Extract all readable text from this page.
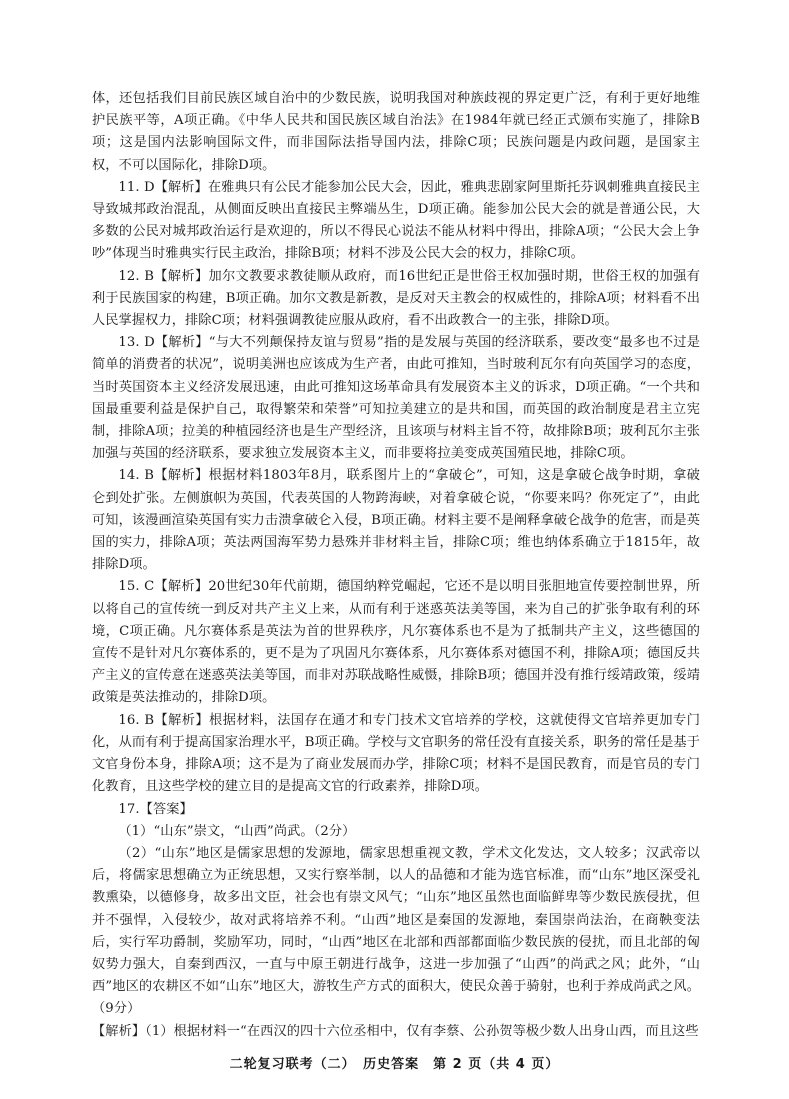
体，还包括我们目前民族区域自治中的少数民族，说明我国对种族歧视的界定更广泛，有利于更好地维护民族平等，A项正确。《中华人民共和国民族区域自治法》在1984年就已经正式颁布实施了，排除B项；这是国内法影响国际文件，而非国际法指导国内法，排除C项；民族问题是内政问题，是国家主权，不可以国际化，排除D项。

11. D【解析】在雅典只有公民才能参加公民大会，因此，雅典悲剧家阿里斯托芬讽刺雅典直接民主导致城邦政治混乱，从侧面反映出直接民主弊端丛生，D项正确。能参加公民大会的就是普通公民，大多数的公民对城邦政治运行是欢迎的，所以不得民心说法不能从材料中得出，排除A项；“公民大会上争吵”体现当时雅典实行民主政治，排除B项；材料不涉及公民大会的权力，排除C项。

12. B【解析】加尔文教要求教徒顺从政府，而16世纪正是世俗王权加强时期，世俗王权的加强有利于民族国家的构建，B项正确。加尔文教是新教，是反对天主教会的权威性的，排除A项；材料看不出人民掌握权力，排除C项；材料强调教徒应服从政府，看不出政教合一的主张，排除D项。

13. D【解析】“与大不列颠保持友谊与贸易”指的是发展与英国的经济联系，要改变“最多也不过是简单的消费者的状况”，说明美洲也应该成为生产者，由此可推知，当时玻利瓦尔有向英国学习的态度，当时英国资本主义经济发展迅速，由此可推知这场革命具有发展资本主义的诉求，D项正确。“一个共和国最重要利益是保护自己，取得繁荣和荣誉”可知拉美建立的是共和国，而英国的政治制度是君主立宪制，排除A项；拉美的种植园经济也是生产型经济，且该项与材料主旨不符，故排除B项；玻利瓦尔主张加强与英国的经济联系，要求独立发展资本主义，而非要将拉美变成英国殖民地，排除C项。

14. B【解析】根据材料1803年8月，联系图片上的“拿破仑”，可知，这是拿破仑战争时期，拿破仑到处扩张。左侧旗帜为英国，代表英国的人物跨海峡，对着拿破仑说，“你要来吗？你死定了”，由此可知，该漫画渲染英国有实力击溃拿破仑入侵，B项正确。材料主要不是阐释拿破仑战争的危害，而是英国的实力，排除A项；英法两国海军势力悬殊并非材料主旨，排除C项；维也纳体系确立于1815年，故排除D项。

15. C【解析】20世纪30年代前期，德国纳粹党崛起，它还不是以明目张胆地宣传要控制世界，所以将自己的宣传统一到反对共产主义上来，从而有利于迷惑英法美等国，来为自己的扩张争取有利的环境，C项正确。凡尔赛体系是英法为首的世界秩序，凡尔赛体系也不是为了抵制共产主义，这些德国的宣传不是针对凡尔赛体系的，更不是为了巩固凡尔赛体系，凡尔赛体系对德国不利，排除A项；德国反共产主义的宣传意在迷惑英法美等国，而非对苏联战略性威慑，排除B项；德国并没有推行绥靖政策，绥靖政策是英法推动的，排除D项。

16. B【解析】根据材料，法国存在通才和专门技术文官培养的学校，这就使得文官培养更加专门化，从而有利于提高国家治理水平，B项正确。学校与文官职务的常任没有直接关系，职务的常任是基于文官身份本身，排除A项；这不是为了商业发展而办学，排除C项；材料不是国民教育，而是官员的专门化教育，且这些学校的建立目的是提高文官的行政素养，排除D项。

17.【答案】

（1）“山东”崇文，“山西”尚武。（2分）

（2）“山东”地区是儒家思想的发源地，儒家思想重视文教，学术文化发达，文人较多；汉武帝以后，将儒家思想确立为正统思想，又实行察举制，以人的品德和才能为选官标准，而“山东”地区深受礼教熏染，以德修身，故多出文臣，社会也有崇文风气；“山东”地区虽然也面临鲜卑等少数民族侵扰，但并不强悍，入侵较少，故对武将培养不利。“山西”地区是秦国的发源地，秦国崇尚法治，在商鞅变法后，实行军功爵制，奖励军功，同时，“山西”地区在北部和西部都面临少数民族的侵扰，而且北部的匈奴势力强大，自秦到西汉，一直与中原王朝进行战争，这进一步加强了“山西”的尚武之风；此外，“山西”地区的农耕区不如“山东”地区大，游牧生产方式的面积大，使民众善于骑射，也利于养成尚武之风。（9分）

【解析】（1）根据材料一“在西汉的四十六位丞相中，仅有李蔡、公孙贺等极少数人出身山西，而且这些

二轮复习联考（二）　历史答案　第 2 页（共 4 页）
